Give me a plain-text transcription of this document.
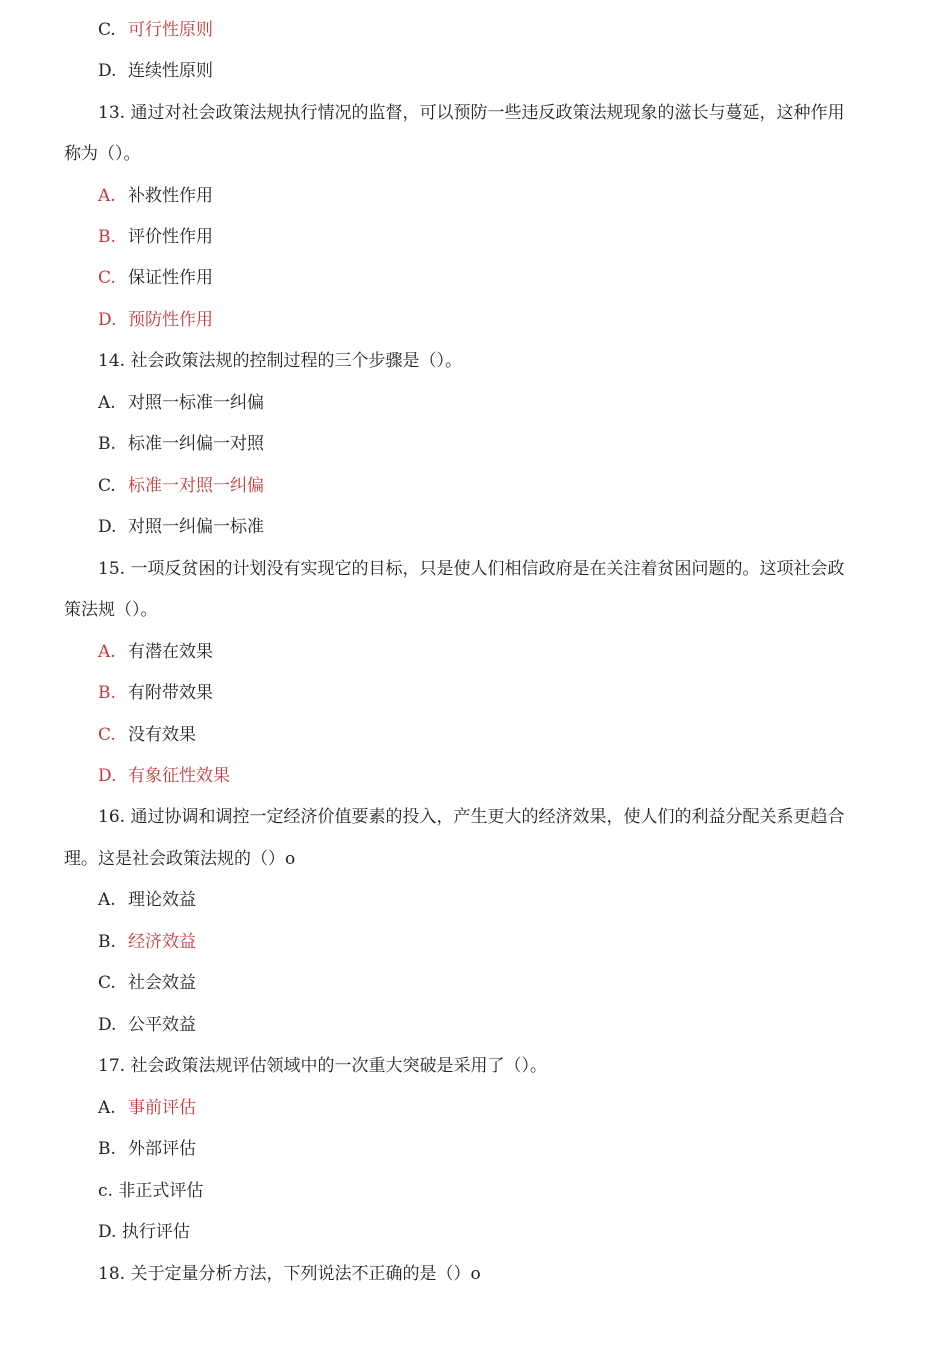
C. 可行性原则
D. 连续性原则
13. 通过对社会政策法规执行情况的监督，可以预防一些违反政策法规现象的滋长与蔓延，这种作用
称为（）。
A. 补救性作用
B. 评价性作用
C. 保证性作用
D. 预防性作用
14. 社会政策法规的控制过程的三个步骤是（）。
A. 对照一标准一纠偏
B. 标准一纠偏一对照
C. 标准一对照一纠偏
D. 对照一纠偏一标准
15. 一项反贫困的计划没有实现它的目标，只是使人们相信政府是在关注着贫困问题的。这项社会政
策法规（）。
A. 有潜在效果
B. 有附带效果
C. 没有效果
D. 有象征性效果
16. 通过协调和调控一定经济价值要素的投入，产生更大的经济效果，使人们的利益分配关系更趋合
理。这是社会政策法规的（）o
A. 理论效益
B. 经济效益
C. 社会效益
D. 公平效益
17. 社会政策法规评估领域中的一次重大突破是采用了（）。
A. 事前评估
B. 外部评估
c. 非正式评估
D. 执行评估
18. 关于定量分析方法，下列说法不正确的是（）o
